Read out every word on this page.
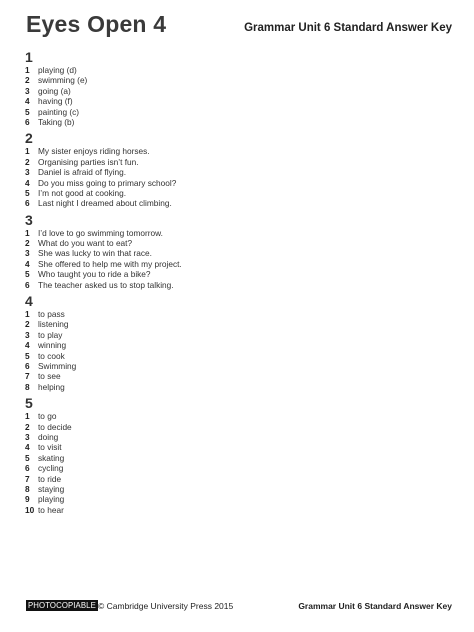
Eyes Open 4	Grammar Unit 6 Standard Answer Key
1
1	playing (d)
2	swimming (e)
3	going (a)
4	having (f)
5	painting (c)
6	Taking (b)
2
1	My sister enjoys riding horses.
2	Organising parties isn’t fun.
3	Daniel is afraid of flying.
4	Do you miss going to primary school?
5	I’m not good at cooking.
6	Last night I dreamed about climbing.
3
1	I’d love to go swimming tomorrow.
2	What do you want to eat?
3	She was lucky to win that race.
4	She offered to help me with my project.
5	Who taught you to ride a bike?
6	The teacher asked us to stop talking.
4
1	to pass
2	listening
3	to play
4	winning
5	to cook
6	Swimming
7	to see
8	helping
5
1	to go
2	to decide
3	doing
4	to visit
5	skating
6	cycling
7	to ride
8	staying
9	playing
10 to hear
PHOTOCOPIABLE © Cambridge University Press 2015	Grammar Unit 6 Standard Answer Key
